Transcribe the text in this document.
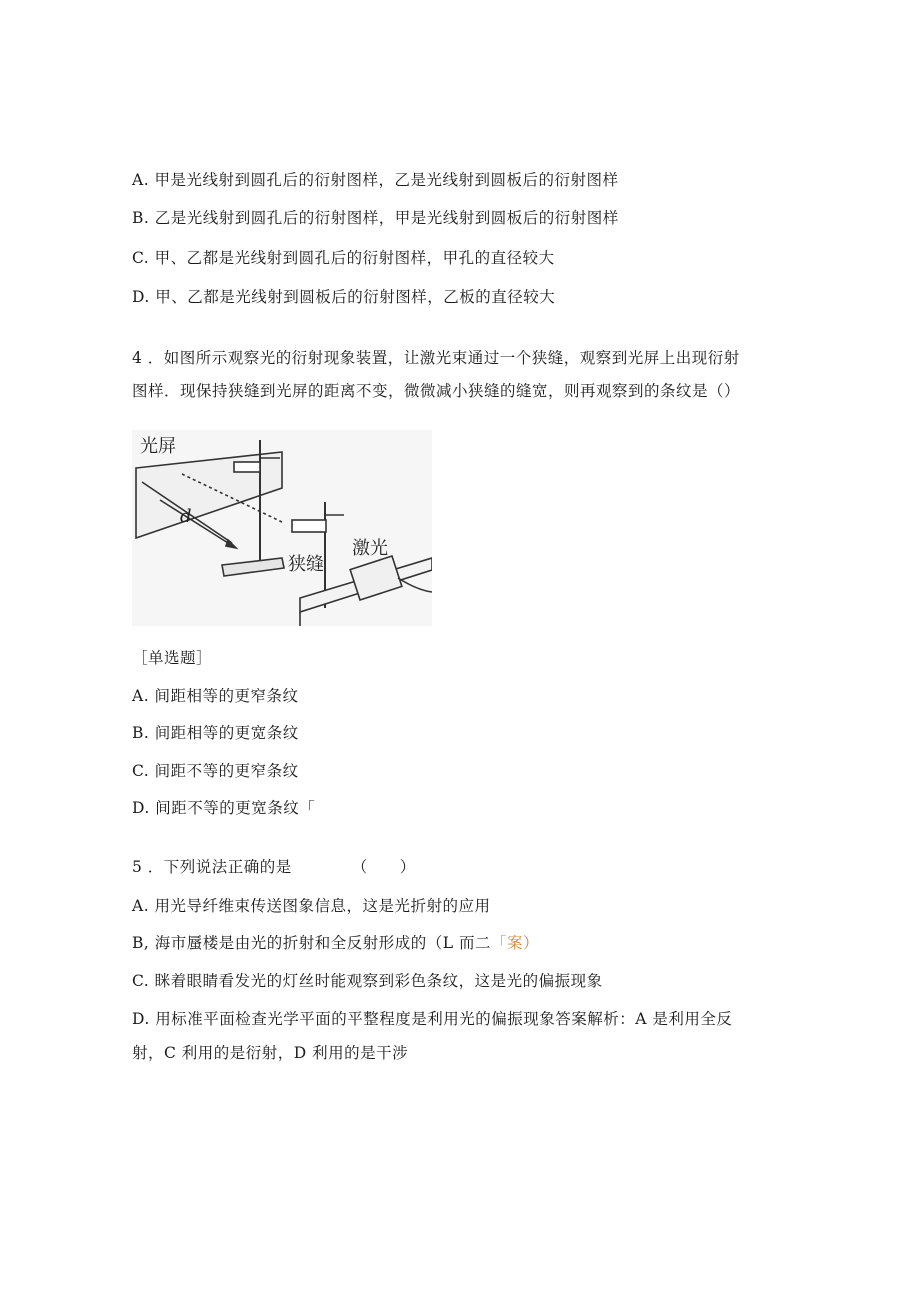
A. 甲是光线射到圆孔后的衍射图样，乙是光线射到圆板后的衍射图样
B. 乙是光线射到圆孔后的衍射图样，甲是光线射到圆板后的衍射图样
C. 甲、乙都是光线射到圆孔后的衍射图样，甲孔的直径较大
D. 甲、乙都是光线射到圆板后的衍射图样，乙板的直径较大
4 ．如图所示观察光的衍射现象装置，让激光束通过一个狭缝，观察到光屏上出现衍射
图样．现保持狭缝到光屏的距离不变，微微减小狭缝的缝宽，则再观察到的条纹是（）
光屏
d
狭缝
激光
［单选题］
A. 间距相等的更窄条纹
B. 间距相等的更宽条纹
C. 间距不等的更窄条纹
D. 间距不等的更宽条纹「
5 ．下列说法正确的是	（　　）
A. 用光导纤维束传送图象信息，这是光折射的应用
B, 海市蜃楼是由光的折射和全反射形成的（L 而二「案）
C. 眯着眼睛看发光的灯丝时能观察到彩色条纹，这是光的偏振现象
D. 用标准平面检查光学平面的平整程度是利用光的偏振现象答案解析：A 是利用全反
射，C 利用的是衍射，D 利用的是干涉
